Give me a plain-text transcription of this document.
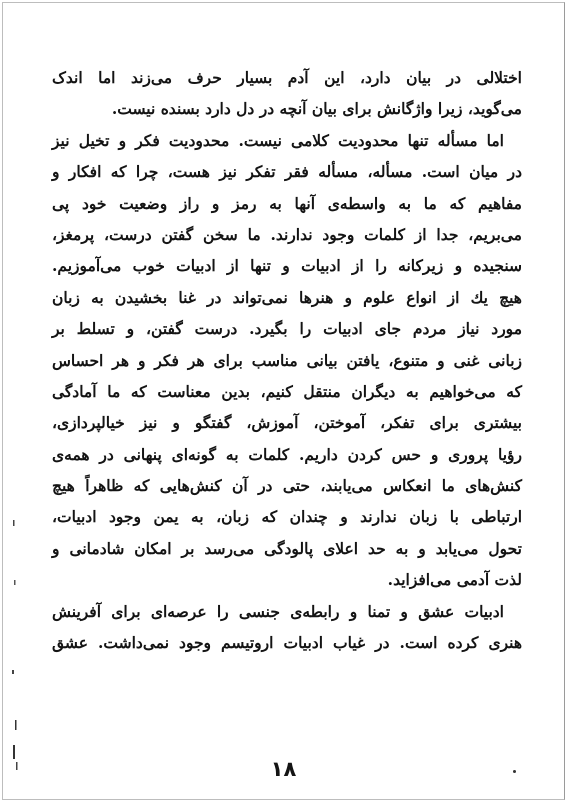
اختلالی در بیان دارد، این آدم بسیار حرف می‌زند اما اندک
می‌گوید، زیرا واژگانش برای بیان آنچه در دل دارد بسنده نیست.
اما مسأله تنها محدودیت کلامی نیست. محدودیت فکر و تخیل نیز
در میان است. مسأله، مسأله فقر تفکر نیز هست، چرا که افکار و
مفاهیم که ما به واسطه‌ی آنها به رمز و راز وضعیت خود پی
می‌بریم، جدا از کلمات وجود ندارند. ما سخن گفتن درست، پرمغز،
سنجیده و زیرکانه را از ادبیات و تنها از ادبیات خوب می‌آموزیم.
هیچ یك از انواع علوم و هنرها نمی‌تواند در غنا بخشیدن به زبان
مورد نیاز مردم جای ادبیات را بگیرد. درست گفتن، و تسلط بر
زبانی غنی و متنوع، یافتن بیانی مناسب برای هر فکر و هر احساس
که می‌خواهیم به دیگران منتقل کنیم، بدین معناست که ما آمادگی
بیشتری برای تفکر، آموختن، آموزش، گفتگو و نیز خیالپردازی،
رؤیا پروری و حس کردن داریم. کلمات به گونه‌ای پنهانی در همه‌ی
کنش‌های ما انعکاس می‌یابند، حتی در آن کنش‌هایی که ظاهراً هیچ
ارتباطی با زبان ندارند و چندان که زبان، به یمن وجود ادبیات،
تحول می‌یابد و به حد اعلای پالودگی می‌رسد بر امکان شادمانی و
لذت آدمی می‌افزاید.
ادبیات عشق و تمنا و رابطه‌ی جنسی را عرصه‌ای برای آفرینش
هنری کرده است. در غیاب ادبیات اروتیسم وجود نمی‌داشت. عشق
۱۸
